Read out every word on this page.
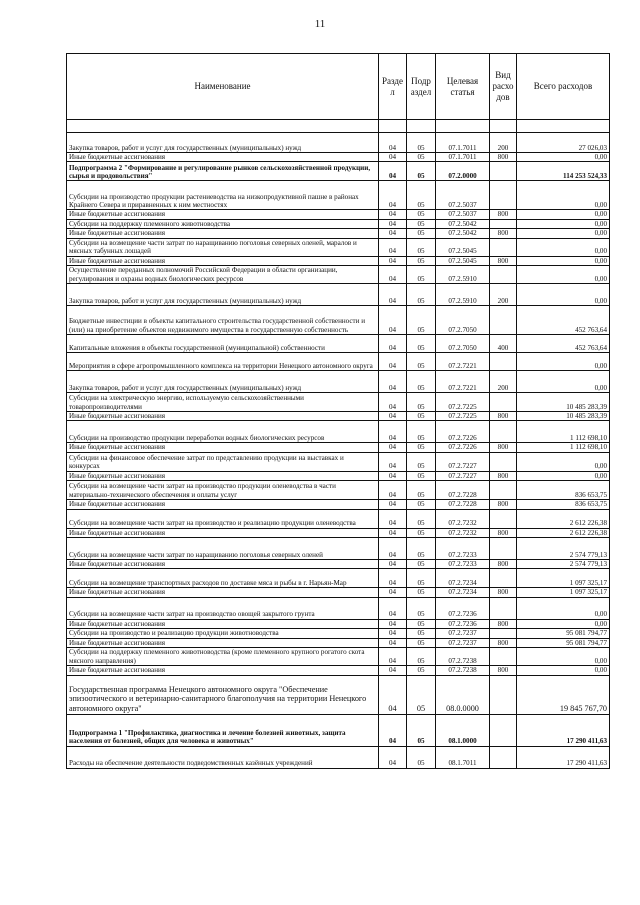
11
Наименование	Разде л	Подр аздел	Целевая статья	Вид расхо дов	Всего расходов

Закупка товаров, работ и услуг для государственных (муниципальных) нужд	04	05	07.1.7011	200	27 026,03
Иные бюджетные ассигнования	04	05	07.1.7011	800	0,00
Подпрограмма 2 "Формирование и регулирование рынков сельскохозяйственной продукции, сырья и продовольствия"	04	05	07.2.0000		114 253 524,33
Субсидии на производство продукции растениеводства на низкопродуктивной пашне в районах Крайнего Севера и приравненных к ним местностях	04	05	07.2.5037		0,00
Иные бюджетные ассигнования	04	05	07.2.5037	800	0,00
Субсидии на поддержку племенного животноводства	04	05	07.2.5042		0,00
Иные бюджетные ассигнования	04	05	07.2.5042	800	0,00
Субсидии на возмещение части затрат по наращиванию поголовья северных оленей, маралов и мясных табунных лошадей	04	05	07.2.5045		0,00
Иные бюджетные ассигнования	04	05	07.2.5045	800	0,00
Осуществление переданных полномочий Российской Федерации в области организации, регулирования и охраны водных биологических ресурсов	04	05	07.2.5910		0,00
Закупка товаров, работ и услуг для государственных (муниципальных) нужд	04	05	07.2.5910	200	0,00
Бюджетные инвестиции в объекты капитального строительства государственной собственности и (или) на приобретение объектов недвижимого имущества в государственную собственность	04	05	07.2.7050		452 763,64
Капитальные вложения в объекты государственной (муниципальной) собственности	04	05	07.2.7050	400	452 763,64
Мероприятия в сфере агропромышленного комплекса на территории Ненецкого автономного округа	04	05	07.2.7221		0,00
Закупка товаров, работ и услуг для государственных (муниципальных) нужд	04	05	07.2.7221	200	0,00
Субсидии на электрическую энергию, используемую сельскохозяйственными товаропроизводителями	04	05	07.2.7225		10 485 283,39
Иные бюджетные ассигнования	04	05	07.2.7225	800	10 485 283,39
Субсидии на производство продукции переработки водных биологических ресурсов	04	05	07.2.7226		1 112 698,10
Иные бюджетные ассигнования	04	05	07.2.7226	800	1 112 698,10
Субсидии на финансовое обеспечение затрат по представлению продукции на выставках и конкурсах	04	05	07.2.7227		0,00
Иные бюджетные ассигнования	04	05	07.2.7227	800	0,00
Субсидии на возмещение части затрат на производство продукции оленеводства в части материально-технического обеспечения и оплаты услуг	04	05	07.2.7228		836 653,75
Иные бюджетные ассигнования	04	05	07.2.7228	800	836 653,75
Субсидии на возмещение части затрат на производство и реализацию продукции оленеводства	04	05	07.2.7232		2 612 226,38
Иные бюджетные ассигнования	04	05	07.2.7232	800	2 612 226,38
Субсидии на возмещение части затрат по наращиванию поголовья северных оленей	04	05	07.2.7233		2 574 779,13
Иные бюджетные ассигнования	04	05	07.2.7233	800	2 574 779,13
Субсидии на возмещение транспортных расходов по доставке мяса и рыбы в г. Нарьян-Мар	04	05	07.2.7234		1 097 325,17
Иные бюджетные ассигнования	04	05	07.2.7234	800	1 097 325,17
Субсидии на возмещение части затрат на производство овощей закрытого грунта	04	05	07.2.7236		0,00
Иные бюджетные ассигнования	04	05	07.2.7236	800	0,00
Субсидии на производство и реализацию продукции животноводства	04	05	07.2.7237		95 081 794,77
Иные бюджетные ассигнования	04	05	07.2.7237	800	95 081 794,77
Субсидии на поддержку племенного животноводства (кроме племенного крупного рогатого скота мясного направления)	04	05	07.2.7238		0,00
Иные бюджетные ассигнования	04	05	07.2.7238	800	0,00
Государственная программа Ненецкого автономного округа "Обеспечение эпизоотического и ветеринарно-санитарного благополучия на территории Ненецкого автономного округа"	04	05	08.0.0000		19 845 767,70
Подпрограмма 1 "Профилактика, диагностика и лечение болезней животных, защита населения от болезней, общих для человека и животных"	04	05	08.1.0000		17 290 411,63
Расходы на обеспечение деятельности подведомственных казённых учреждений	04	05	08.1.7011		17 290 411,63
